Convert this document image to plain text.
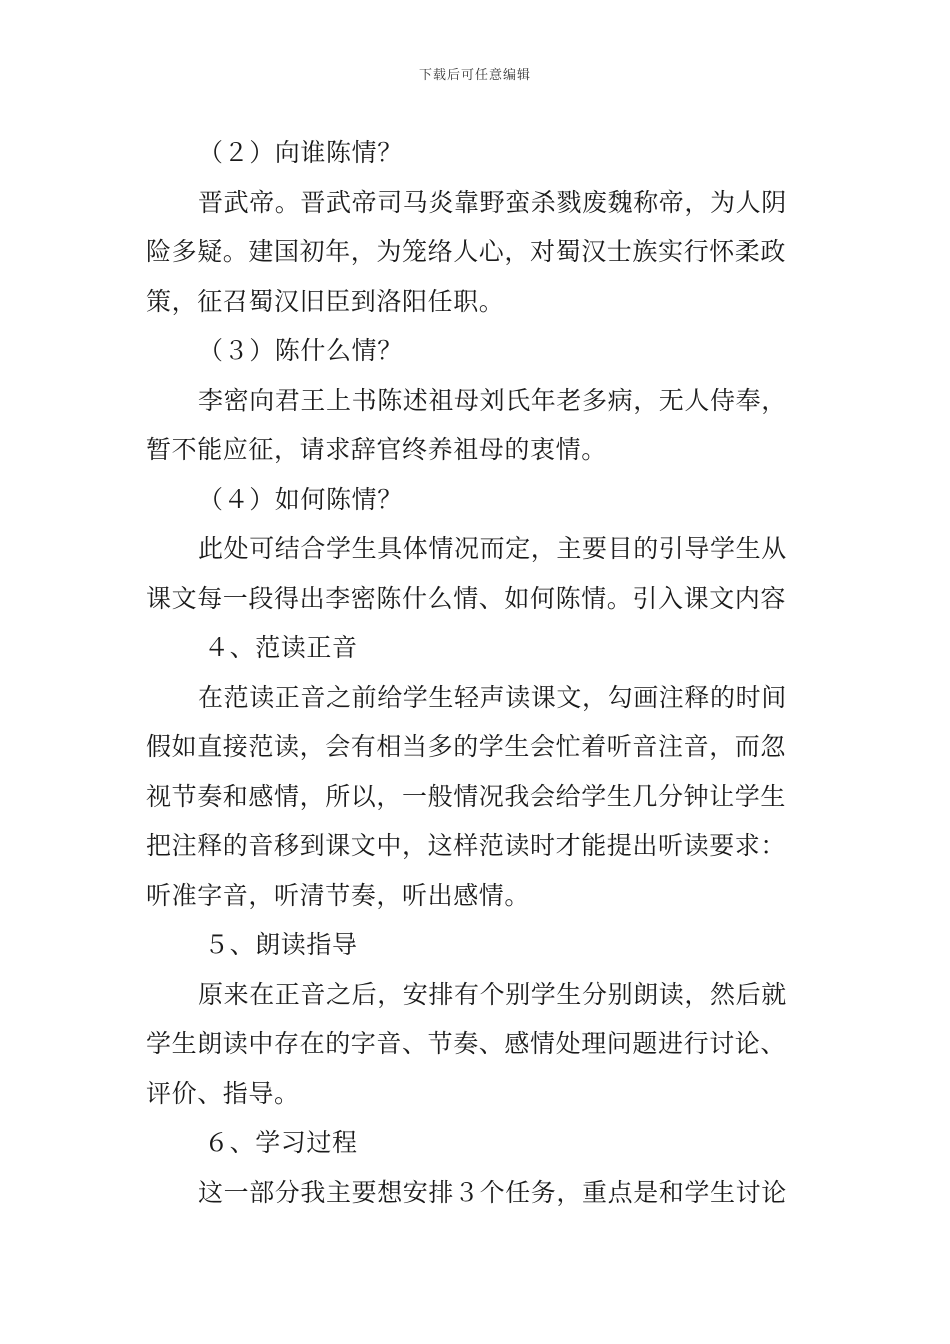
下载后可任意编辑
（２）向谁陈情？
晋武帝。晋武帝司马炎靠野蛮杀戮废魏称帝，为人阴
险多疑。建国初年，为笼络人心，对蜀汉士族实行怀柔政
策，征召蜀汉旧臣到洛阳任职。
（３）陈什么情？
李密向君王上书陈述祖母刘氏年老多病，无人侍奉，
暂不能应征，请求辞官终养祖母的衷情。
（４）如何陈情？
此处可结合学生具体情况而定，主要目的引导学生从
课文每一段得出李密陈什么情、如何陈情。引入课文内容
４、范读正音
在范读正音之前给学生轻声读课文，勾画注释的时间
假如直接范读，会有相当多的学生会忙着听音注音，而忽
视节奏和感情，所以，一般情况我会给学生几分钟让学生
把注释的音移到课文中，这样范读时才能提出听读要求：
听准字音，听清节奏，听出感情。
５、朗读指导
原来在正音之后，安排有个别学生分别朗读，然后就
学生朗读中存在的字音、节奏、感情处理问题进行讨论、
评价、指导。
６、学习过程
这一部分我主要想安排３个任务，重点是和学生讨论
